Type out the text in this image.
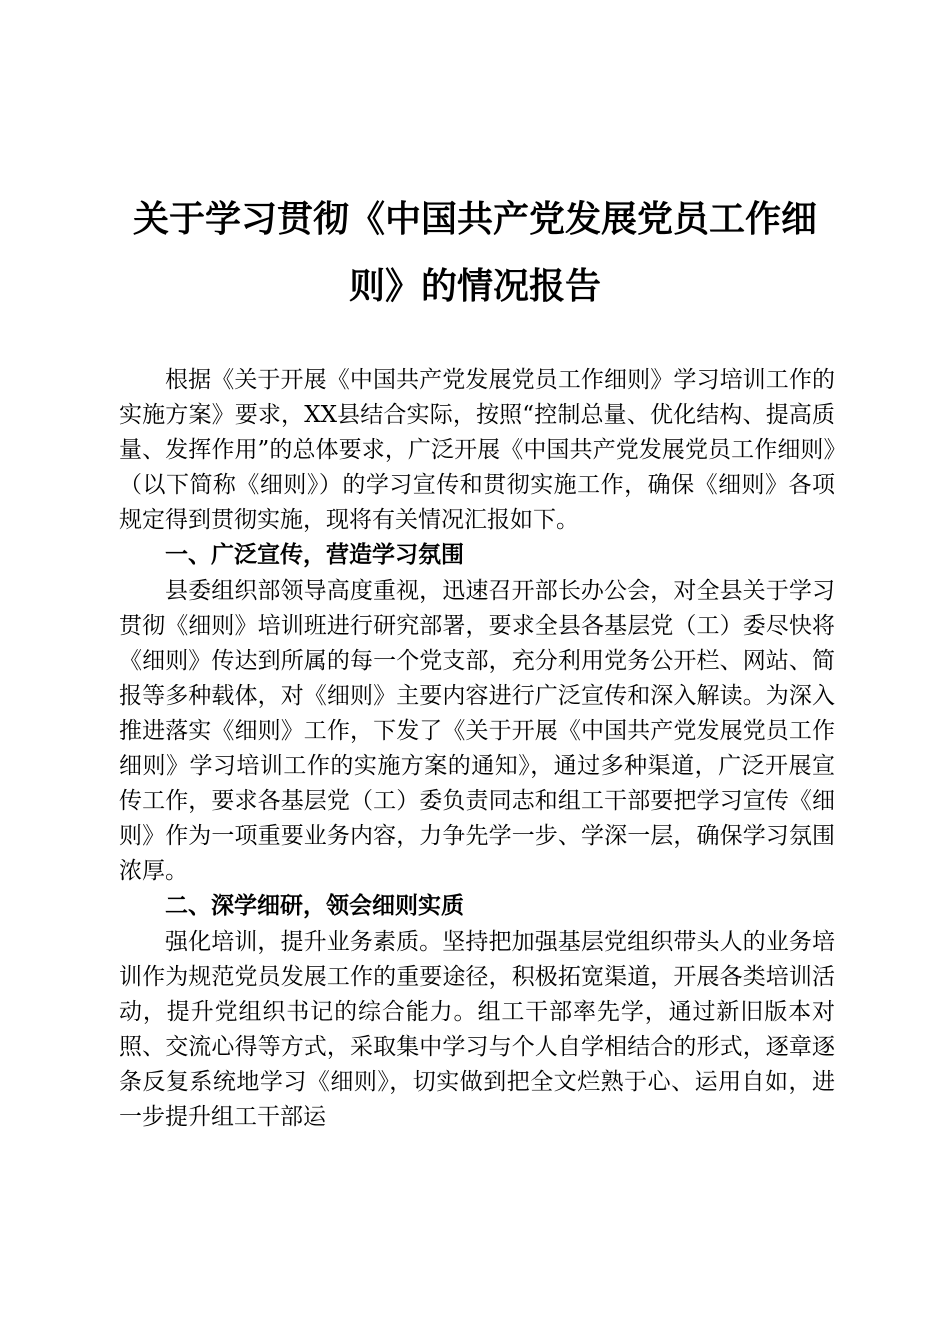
关于学习贯彻《中国共产党发展党员工作细
则》的情况报告

根据《关于开展《中国共产党发展党员工作细则》学习培训工作的实施方案》要求，XX县结合实际，按照“控制总量、优化结构、提高质量、发挥作用”的总体要求，广泛开展《中国共产党发展党员工作细则》（以下简称《细则》）的学习宣传和贯彻实施工作，确保《细则》各项规定得到贯彻实施，现将有关情况汇报如下。

一、广泛宣传，营造学习氛围

县委组织部领导高度重视，迅速召开部长办公会，对全县关于学习贯彻《细则》培训班进行研究部署，要求全县各基层党（工）委尽快将《细则》传达到所属的每一个党支部，充分利用党务公开栏、网站、简报等多种载体，对《细则》主要内容进行广泛宣传和深入解读。为深入推进落实《细则》工作，下发了《关于开展《中国共产党发展党员工作细则》学习培训工作的实施方案的通知》，通过多种渠道，广泛开展宣传工作，要求各基层党（工）委负责同志和组工干部要把学习宣传《细则》作为一项重要业务内容，力争先学一步、学深一层，确保学习氛围浓厚。

二、深学细研，领会细则实质

强化培训，提升业务素质。坚持把加强基层党组织带头人的业务培训作为规范党员发展工作的重要途径，积极拓宽渠道，开展各类培训活动，提升党组织书记的综合能力。组工干部率先学，通过新旧版本对照、交流心得等方式，采取集中学习与个人自学相结合的形式，逐章逐条反复系统地学习《细则》，切实做到把全文烂熟于心、运用自如，进一步提升组工干部运
